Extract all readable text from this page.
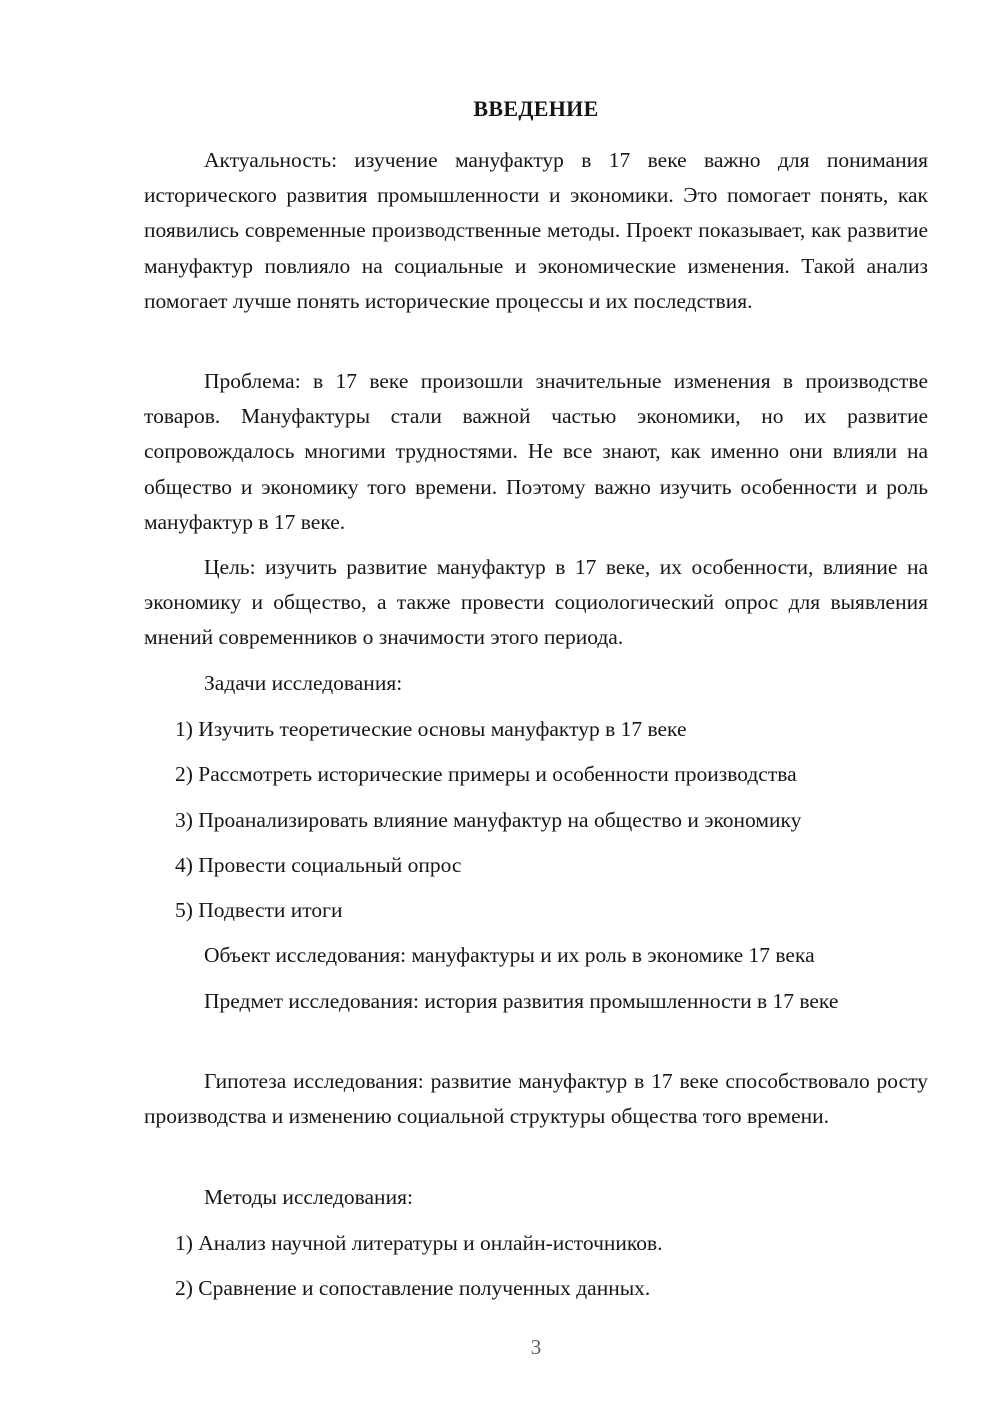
ВВЕДЕНИЕ

Актуальность: изучение мануфактур в 17 веке важно для понимания исторического развития промышленности и экономики. Это помогает понять, как появились современные производственные методы. Проект показывает, как развитие мануфактур повлияло на социальные и экономические изменения. Такой анализ помогает лучше понять исторические процессы и их последствия.

Проблема: в 17 веке произошли значительные изменения в производстве товаров. Мануфактуры стали важной частью экономики, но их развитие сопровождалось многими трудностями. Не все знают, как именно они влияли на общество и экономику того времени. Поэтому важно изучить особенности и роль мануфактур в 17 веке.

Цель: изучить развитие мануфактур в 17 веке, их особенности, влияние на экономику и общество, а также провести социологический опрос для выявления мнений современников о значимости этого периода.

Задачи исследования:

1) Изучить теоретические основы мануфактур в 17 веке

2) Рассмотреть исторические примеры и особенности производства

3) Проанализировать влияние мануфактур на общество и экономику

4) Провести социальный опрос

5) Подвести итоги

Объект исследования: мануфактуры и их роль в экономике 17 века

Предмет исследования: история развития промышленности в 17 веке

Гипотеза исследования: развитие мануфактур в 17 веке способствовало росту производства и изменению социальной структуры общества того времени.

Методы исследования:

1) Анализ научной литературы и онлайн-источников.

2) Сравнение и сопоставление полученных данных.

3
